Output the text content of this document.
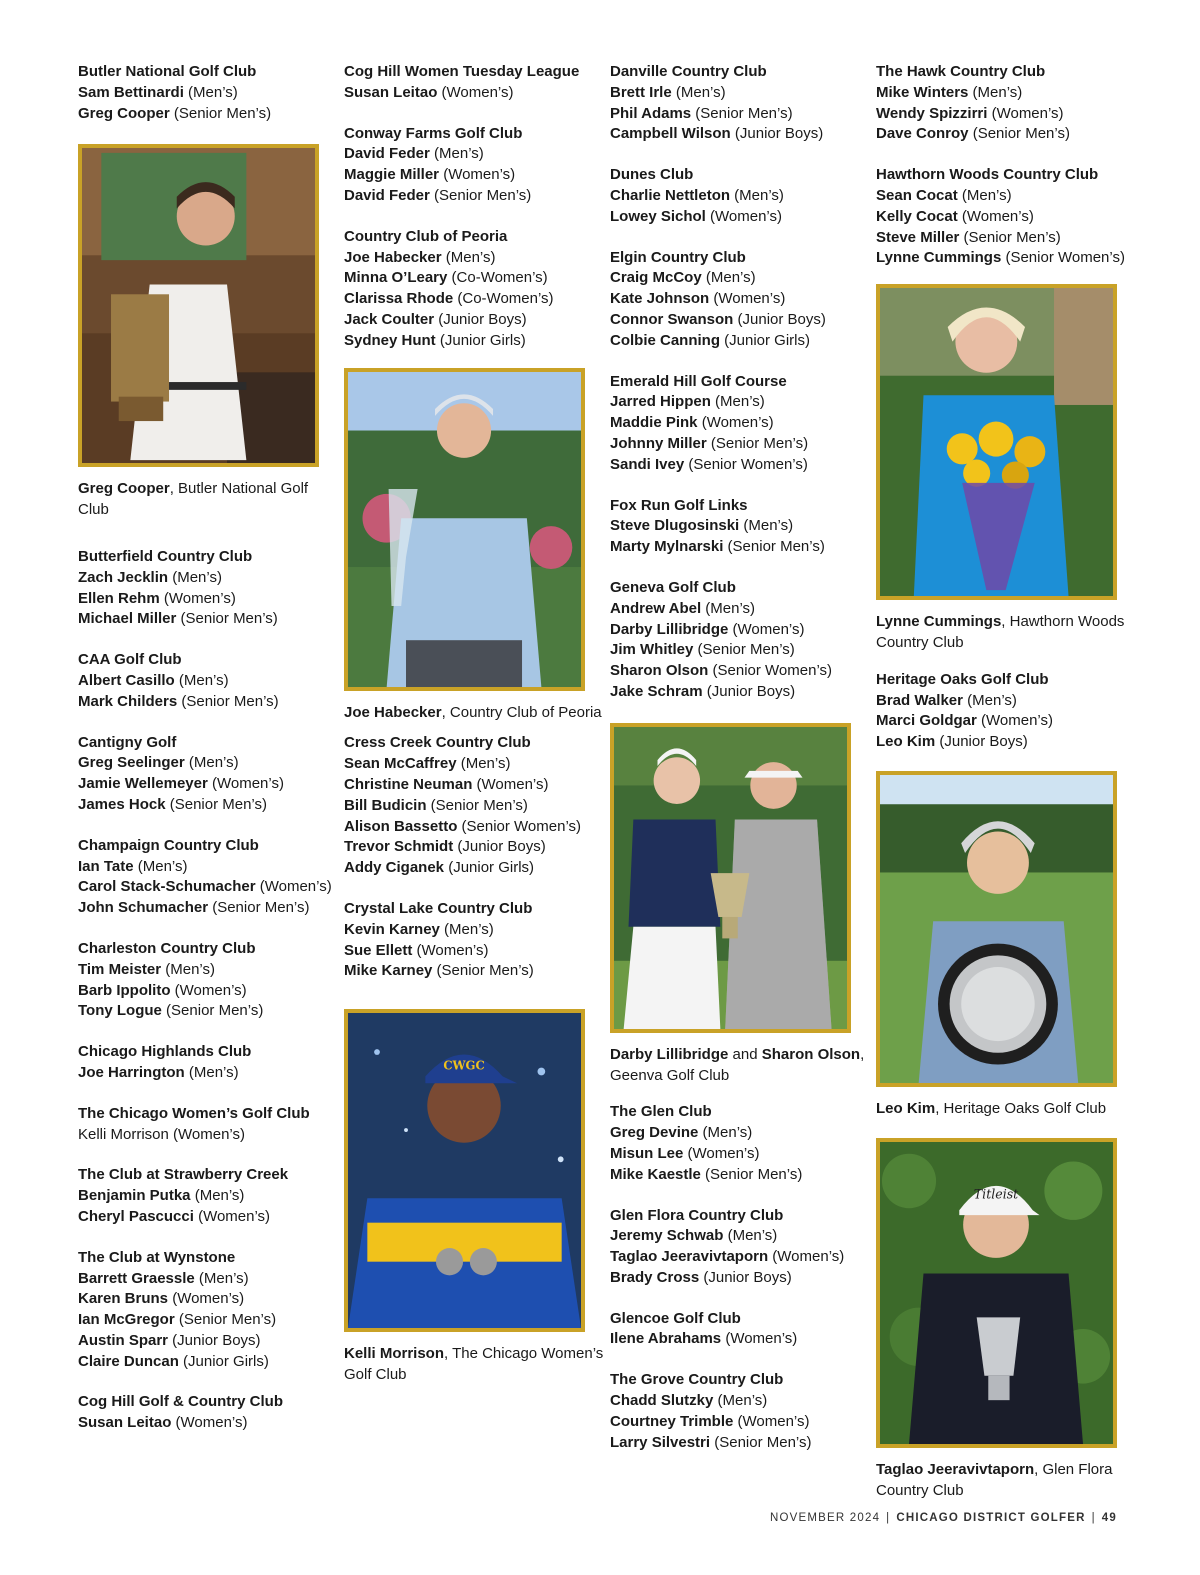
Butler National Golf Club
Sam Bettinardi (Men’s)
Greg Cooper (Senior Men’s)
Greg Cooper, Butler National Golf Club
Butterfield Country Club
Zach Jecklin (Men’s)
Ellen Rehm (Women’s)
Michael Miller (Senior Men’s)
CAA Golf Club
Albert Casillo (Men’s)
Mark Childers (Senior Men’s)
Cantigny Golf
Greg Seelinger (Men’s)
Jamie Wellemeyer (Women’s)
James Hock (Senior Men’s)
Champaign Country Club
Ian Tate (Men’s)
Carol Stack-Schumacher (Women’s)
John Schumacher (Senior Men’s)
Charleston Country Club
Tim Meister (Men’s)
Barb Ippolito (Women’s)
Tony Logue (Senior Men’s)
Chicago Highlands Club
Joe Harrington (Men’s)
The Chicago Women’s Golf Club
Kelli Morrison (Women’s)
The Club at Strawberry Creek
Benjamin Putka (Men’s)
Cheryl Pascucci (Women’s)
The Club at Wynstone
Barrett Graessle (Men’s)
Karen Bruns (Women’s)
Ian McGregor (Senior Men’s)
Austin Sparr (Junior Boys)
Claire Duncan (Junior Girls)
Cog Hill Golf & Country Club
Susan Leitao (Women’s)
Cog Hill Women Tuesday League
Susan Leitao (Women’s)
Conway Farms Golf Club
David Feder (Men’s)
Maggie Miller (Women’s)
David Feder (Senior Men’s)
Country Club of Peoria
Joe Habecker (Men’s)
Minna O’Leary (Co-Women’s)
Clarissa Rhode (Co-Women’s)
Jack Coulter (Junior Boys)
Sydney Hunt (Junior Girls)
Joe Habecker, Country Club of Peoria
Cress Creek Country Club
Sean McCaffrey (Men’s)
Christine Neuman (Women’s)
Bill Budicin (Senior Men’s)
Alison Bassetto (Senior Women’s)
Trevor Schmidt (Junior Boys)
Addy Ciganek (Junior Girls)
Crystal Lake Country Club
Kevin Karney (Men’s)
Sue Ellett (Women’s)
Mike Karney (Senior Men’s)
CWGC
Kelli Morrison, The Chicago Women’s Golf Club
Danville Country Club
Brett Irle (Men’s)
Phil Adams (Senior Men’s)
Campbell Wilson (Junior Boys)
Dunes Club
Charlie Nettleton (Men’s)
Lowey Sichol (Women’s)
Elgin Country Club
Craig McCoy (Men’s)
Kate Johnson (Women’s)
Connor Swanson (Junior Boys)
Colbie Canning (Junior Girls)
Emerald Hill Golf Course
Jarred Hippen (Men’s)
Maddie Pink (Women’s)
Johnny Miller (Senior Men’s)
Sandi Ivey (Senior Women’s)
Fox Run Golf Links
Steve Dlugosinski (Men’s)
Marty Mylnarski (Senior Men’s)
Geneva Golf Club
Andrew Abel (Men’s)
Darby Lillibridge (Women’s)
Jim Whitley (Senior Men’s)
Sharon Olson (Senior Women’s)
Jake Schram (Junior Boys)
Darby Lillibridge and Sharon Olson, Geenva Golf Club
The Glen Club
Greg Devine (Men’s)
Misun Lee (Women’s)
Mike Kaestle (Senior Men’s)
Glen Flora Country Club
Jeremy Schwab (Men’s)
Taglao Jeeravivtaporn (Women’s)
Brady Cross (Junior Boys)
Glencoe Golf Club
Ilene Abrahams (Women’s)
The Grove Country Club
Chadd Slutzky (Men’s)
Courtney Trimble (Women’s)
Larry Silvestri (Senior Men’s)
The Hawk Country Club
Mike Winters (Men’s)
Wendy Spizzirri (Women’s)
Dave Conroy (Senior Men’s)
Hawthorn Woods Country Club
Sean Cocat (Men’s)
Kelly Cocat (Women’s)
Steve Miller (Senior Men’s)
Lynne Cummings (Senior Women’s)
Lynne Cummings, Hawthorn Woods Country Club
Heritage Oaks Golf Club
Brad Walker (Men’s)
Marci Goldgar (Women’s)
Leo Kim (Junior Boys)
Leo Kim, Heritage Oaks Golf Club
Titleist
Taglao Jeeravivtaporn, Glen Flora Country Club
NOVEMBER 2024 | CHICAGO DISTRICT GOLFER | 49
